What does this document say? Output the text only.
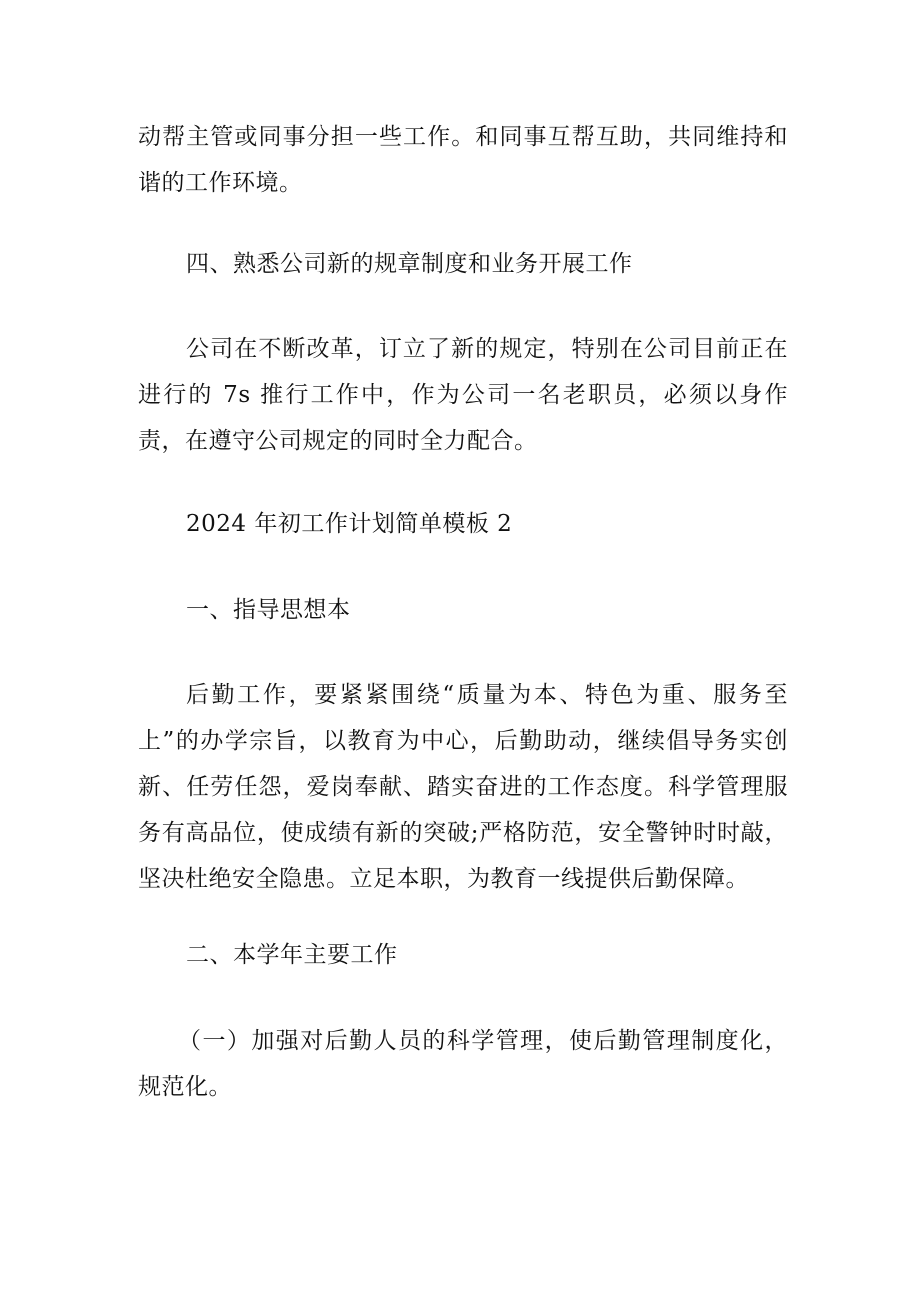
动帮主管或同事分担一些工作。和同事互帮互助，共同维持和谐的工作环境。

四、熟悉公司新的规章制度和业务开展工作

公司在不断改革，订立了新的规定，特别在公司目前正在进行的 7s 推行工作中，作为公司一名老职员，必须以身作责，在遵守公司规定的同时全力配合。

2024 年初工作计划简单模板 2

一、指导思想本

后勤工作，要紧紧围绕“质量为本、特色为重、服务至上”的办学宗旨，以教育为中心，后勤助动，继续倡导务实创新、任劳任怨，爱岗奉献、踏实奋进的工作态度。科学管理服务有高品位，使成绩有新的突破;严格防范，安全警钟时时敲，坚决杜绝安全隐患。立足本职，为教育一线提供后勤保障。

二、本学年主要工作

（一）加强对后勤人员的科学管理，使后勤管理制度化，规范化。
